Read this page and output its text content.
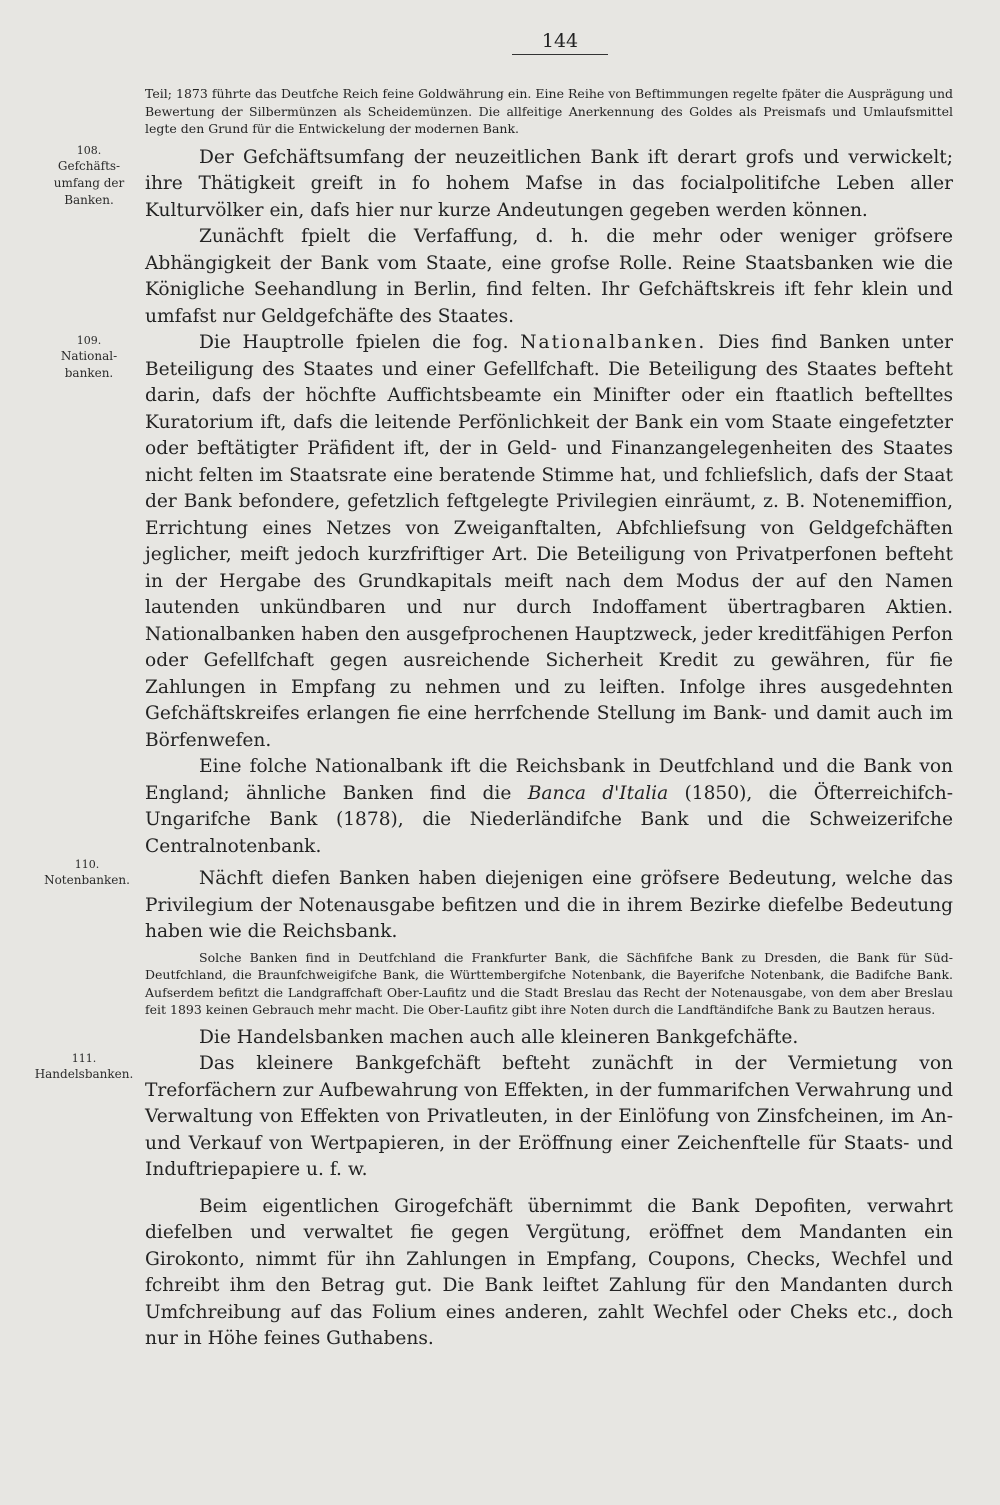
144
108.
Gefchäfts-
umfang der
Banken.
109.
National-
banken.
110.
Notenbanken.
111.
Handelsbanken.

Teil; 1873 führte das Deutfche Reich feine Goldwährung ein. Eine Reihe von Beftimmungen regelte fpäter die Ausprägung und Bewertung der Silbermünzen als Scheidemünzen. Die allfeitige Anerkennung des Goldes als Preismafs und Umlaufsmittel legte den Grund für die Entwickelung der modernen Bank.

Der Gefchäftsumfang der neuzeitlichen Bank ift derart grofs und verwickelt; ihre Thätigkeit greift in fo hohem Mafse in das focialpolitifche Leben aller Kulturvölker ein, dafs hier nur kurze Andeutungen gegeben werden können.

Zunächft fpielt die Verfaffung, d. h. die mehr oder weniger gröfsere Abhängigkeit der Bank vom Staate, eine grofse Rolle. Reine Staatsbanken wie die Königliche Seehandlung in Berlin, find felten. Ihr Gefchäftskreis ift fehr klein und umfafst nur Geldgefchäfte des Staates.

Die Hauptrolle fpielen die fog. Nationalbanken. Dies find Banken unter Beteiligung des Staates und einer Gefellfchaft. Die Beteiligung des Staates befteht darin, dafs der höchfte Auffichtsbeamte ein Minifter oder ein ftaatlich beftelltes Kuratorium ift, dafs die leitende Perfönlichkeit der Bank ein vom Staate eingefetzter oder beftätigter Präfident ift, der in Geld- und Finanzangelegenheiten des Staates nicht felten im Staatsrate eine beratende Stimme hat, und fchliefslich, dafs der Staat der Bank befondere, gefetzlich feftgelegte Privilegien einräumt, z. B. Notenemiffion, Errichtung eines Netzes von Zweiganftalten, Abfchliefsung von Geldgefchäften jeglicher, meift jedoch kurzfriftiger Art. Die Beteiligung von Privatperfonen befteht in der Hergabe des Grundkapitals meift nach dem Modus der auf den Namen lautenden unkündbaren und nur durch Indoffament übertragbaren Aktien. Nationalbanken haben den ausgefprochenen Hauptzweck, jeder kreditfähigen Perfon oder Gefellfchaft gegen ausreichende Sicherheit Kredit zu gewähren, für fie Zahlungen in Empfang zu nehmen und zu leiften. Infolge ihres ausgedehnten Gefchäftskreifes erlangen fie eine herrfchende Stellung im Bank- und damit auch im Börfenwefen.

Eine folche Nationalbank ift die Reichsbank in Deutfchland und die Bank von England; ähnliche Banken find die Banca d'Italia (1850), die Öfterreichifch-Ungarifche Bank (1878), die Niederländifche Bank und die Schweizerifche Centralnotenbank.

Nächft diefen Banken haben diejenigen eine gröfsere Bedeutung, welche das Privilegium der Notenausgabe befitzen und die in ihrem Bezirke diefelbe Bedeutung haben wie die Reichsbank.

Solche Banken find in Deutfchland die Frankfurter Bank, die Sächfifche Bank zu Dresden, die Bank für Süd-Deutfchland, die Braunfchweigifche Bank, die Württembergifche Notenbank, die Bayerifche Notenbank, die Badifche Bank. Aufserdem befitzt die Landgraffchaft Ober-Laufitz und die Stadt Breslau das Recht der Notenausgabe, von dem aber Breslau feit 1893 keinen Gebrauch mehr macht. Die Ober-Laufitz gibt ihre Noten durch die Landftändifche Bank zu Bautzen heraus.

Die Handelsbanken machen auch alle kleineren Bankgefchäfte.

Das kleinere Bankgefchäft befteht zunächft in der Vermietung von Treforfächern zur Aufbewahrung von Effekten, in der fummarifchen Verwahrung und Verwaltung von Effekten von Privatleuten, in der Einlöfung von Zinsfcheinen, im An- und Verkauf von Wertpapieren, in der Eröffnung einer Zeichenftelle für Staats- und Induftriepapiere u. f. w.

Beim eigentlichen Girogefchäft übernimmt die Bank Depofiten, verwahrt diefelben und verwaltet fie gegen Vergütung, eröffnet dem Mandanten ein Girokonto, nimmt für ihn Zahlungen in Empfang, Coupons, Checks, Wechfel und fchreibt ihm den Betrag gut. Die Bank leiftet Zahlung für den Mandanten durch Umfchreibung auf das Folium eines anderen, zahlt Wechfel oder Cheks etc., doch nur in Höhe feines Guthabens.
